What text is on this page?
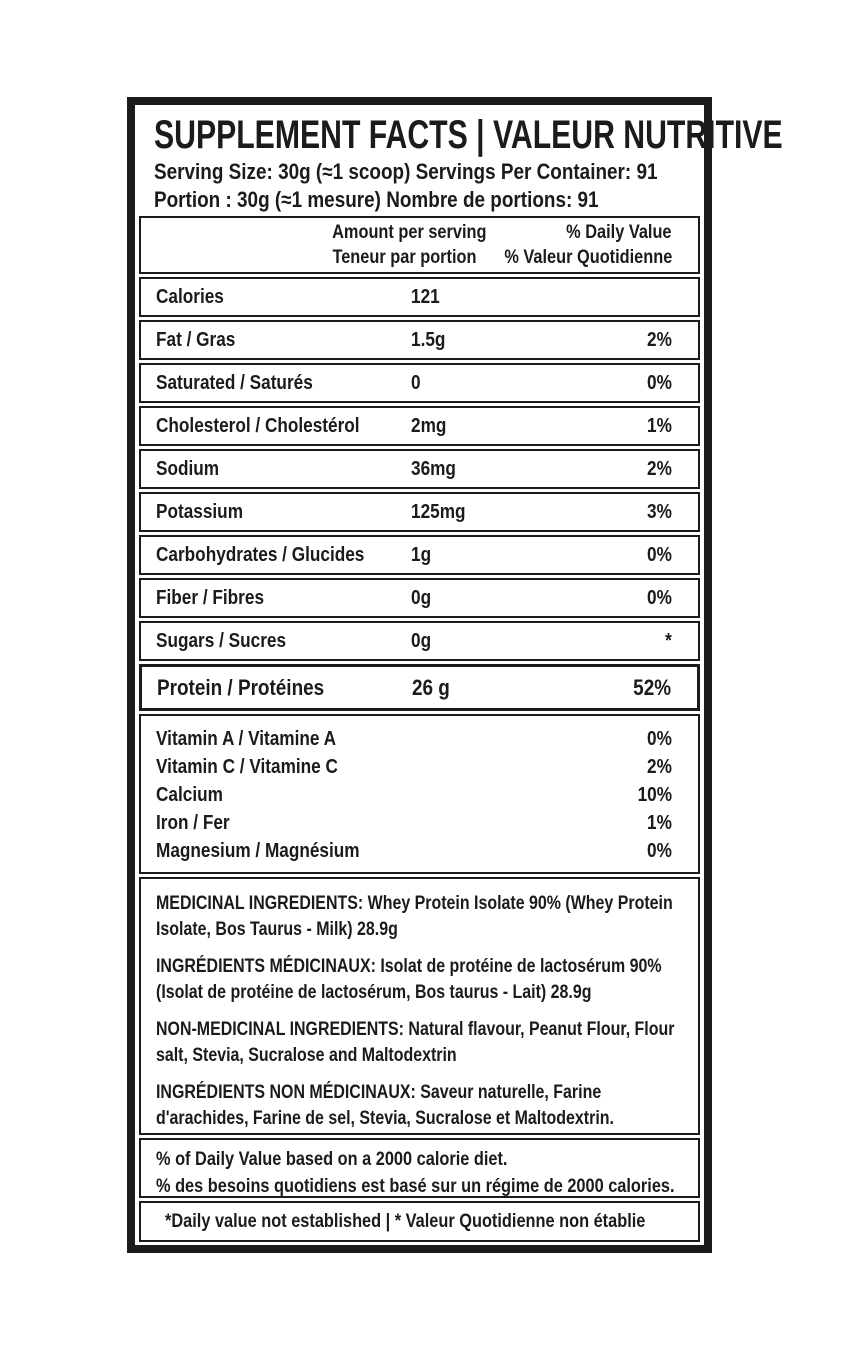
SUPPLEMENT FACTS | VALEUR NUTRITIVE
Serving Size: 30g (≈1 scoop) Servings Per Container: 91
Portion : 30g (≈1 mesure) Nombre de portions: 91
Amount per serving	% Daily Value
Teneur par portion	% Valeur Quotidienne
Calories	121
Fat / Gras	1.5g	2%
Saturated / Saturés	0	0%
Cholesterol / Cholestérol	2mg	1%
Sodium	36mg	2%
Potassium	125mg	3%
Carbohydrates / Glucides	1g	0%
Fiber / Fibres	0g	0%
Sugars / Sucres	0g	*
Protein / Protéines	26 g	52%
Vitamin A / Vitamine A	0%
Vitamin C / Vitamine C	2%
Calcium	10%
Iron / Fer	1%
Magnesium / Magnésium	0%

MEDICINAL INGREDIENTS: Whey Protein Isolate 90% (Whey Protein Isolate, Bos Taurus - Milk) 28.9g

INGRÉDIENTS MÉDICINAUX: Isolat de protéine de lactosérum 90% (Isolat de protéine de lactosérum, Bos taurus - Lait) 28.9g

NON-MEDICINAL INGREDIENTS: Natural flavour, Peanut Flour, Flour salt, Stevia, Sucralose and Maltodextrin

INGRÉDIENTS NON MÉDICINAUX: Saveur naturelle, Farine d'arachides, Farine de sel, Stevia, Sucralose et Maltodextrin.

% of Daily Value based on a 2000 calorie diet.
% des besoins quotidiens est basé sur un régime de 2000 calories.
*Daily value not established | * Valeur Quotidienne non établie
